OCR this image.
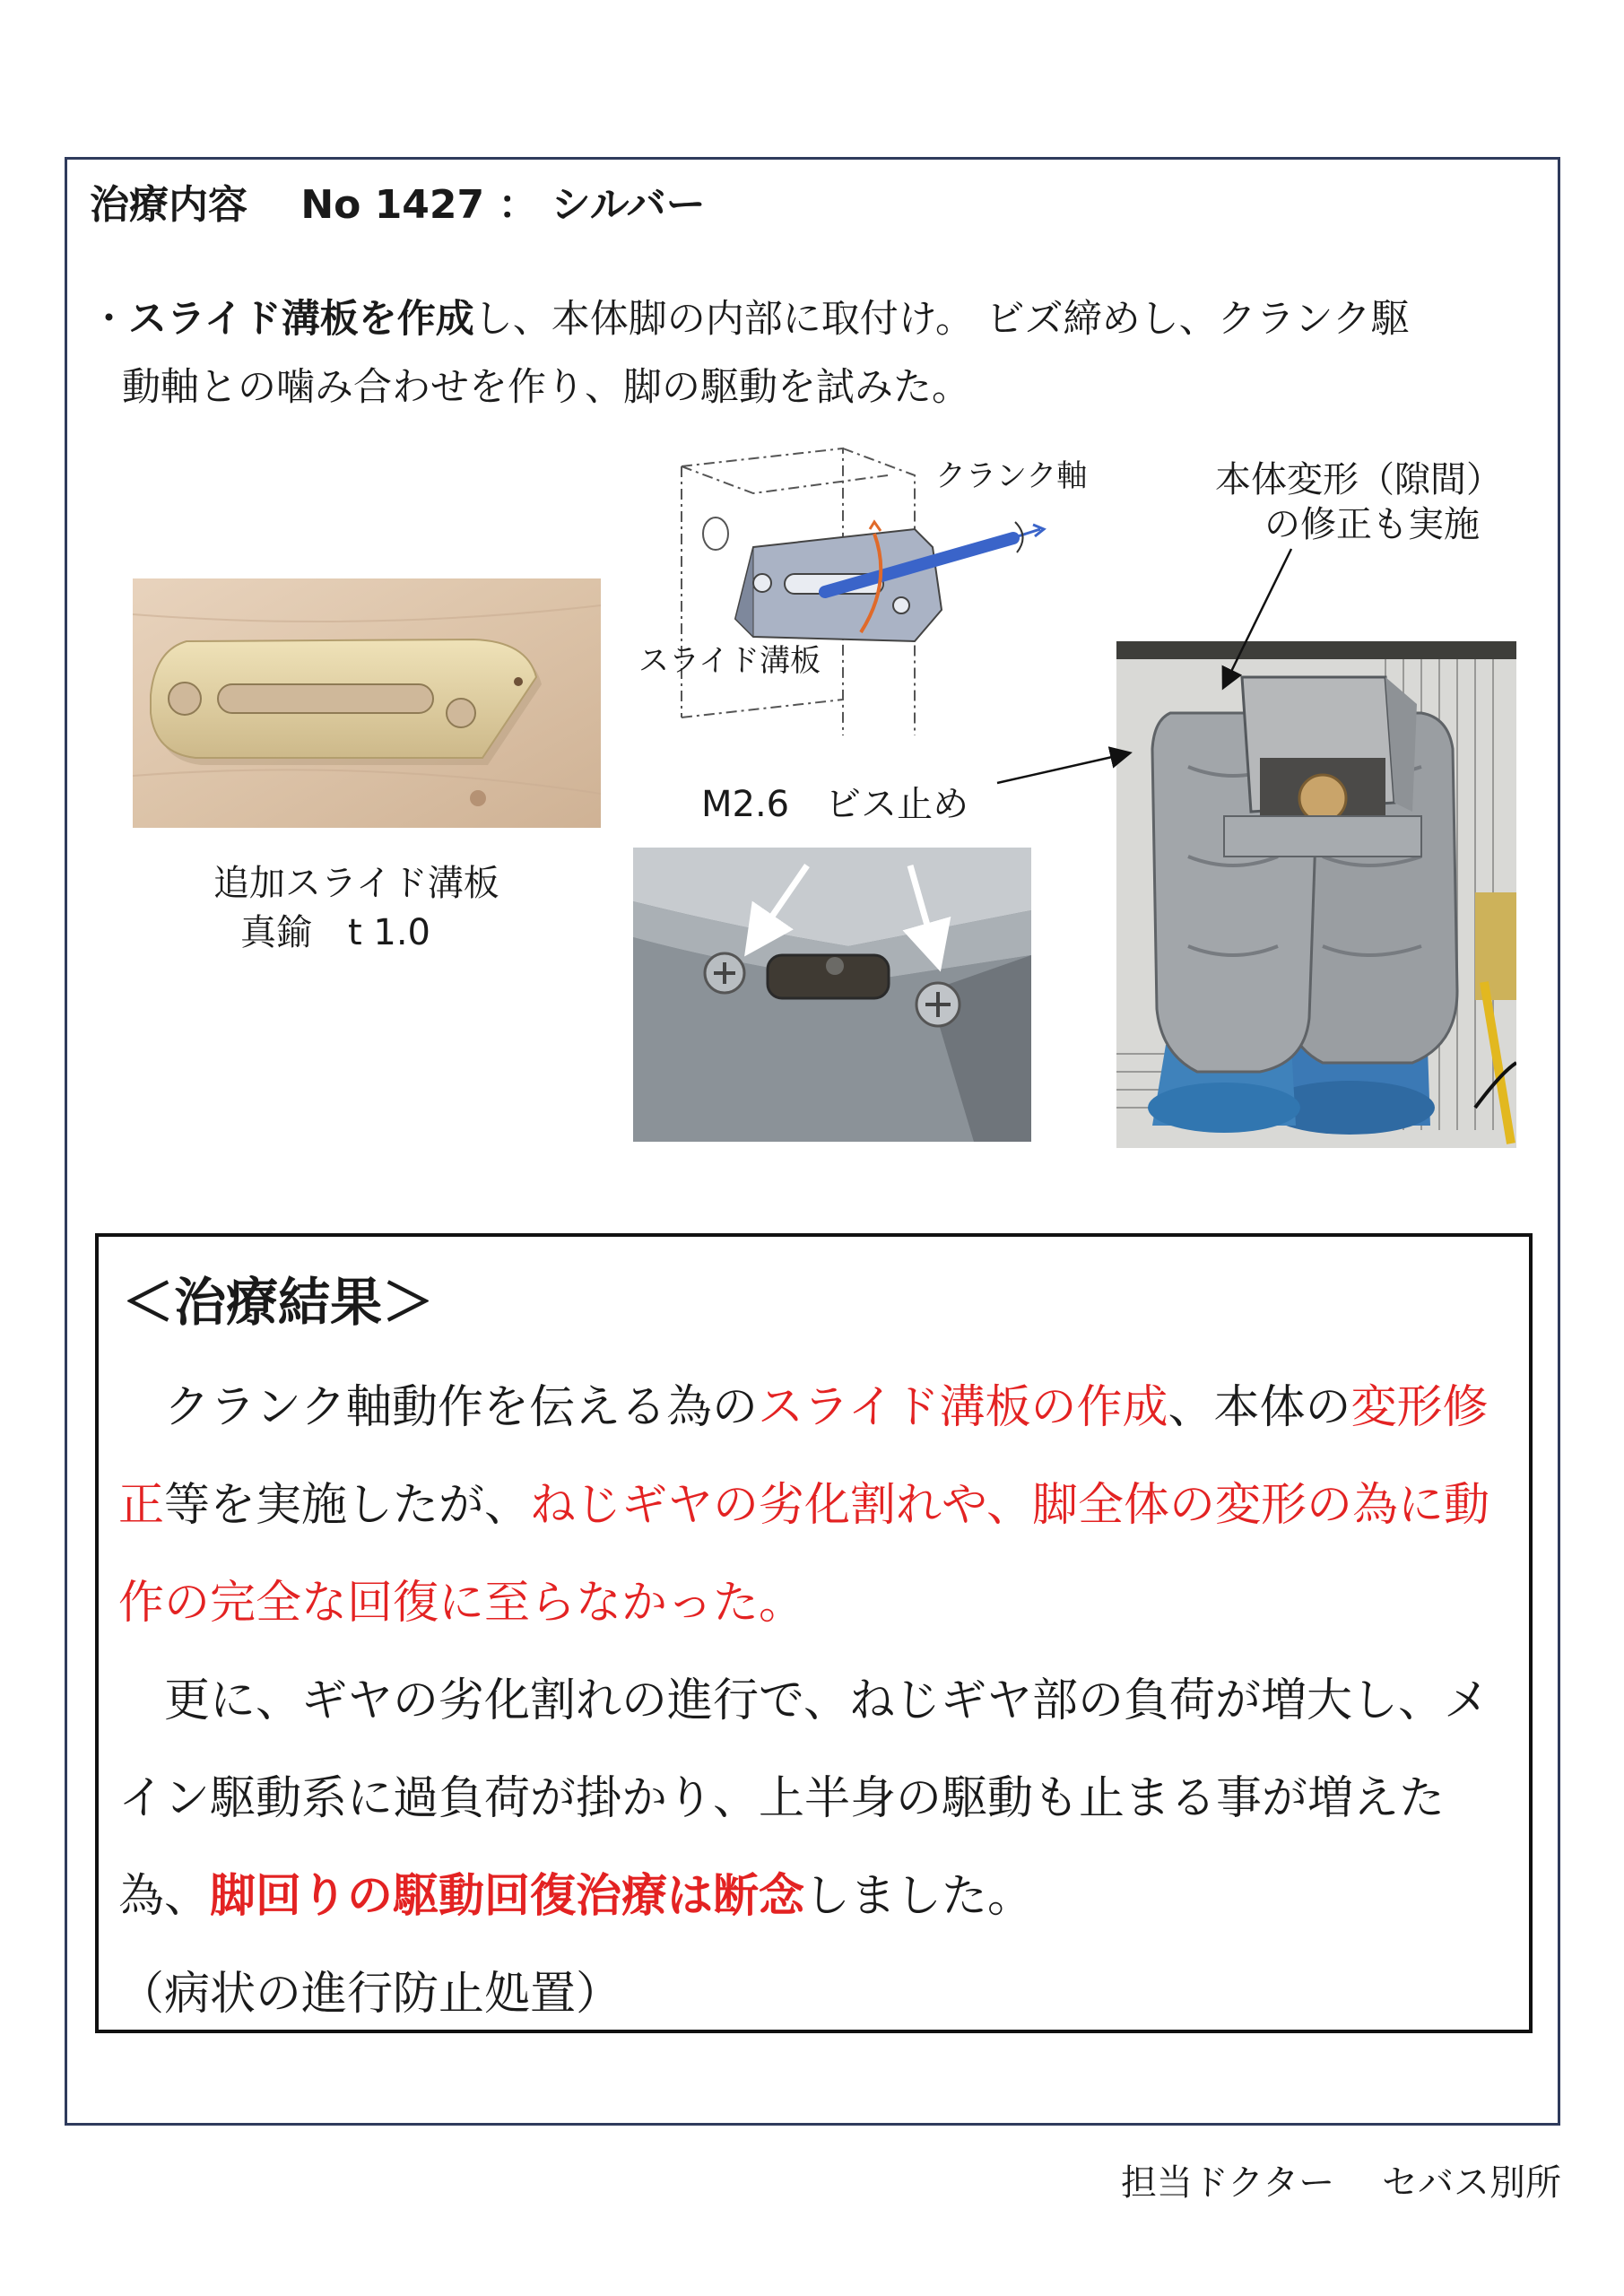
治療内容　 No 1427 ： シルバー
・スライド溝板を作成し、本体脚の内部に取付け。 ビズ締めし、クランク駆
動軸との噛み合わせを作り、脚の駆動を試みた。
追加スライド溝板
真鍮　t 1.0
クランク軸
スライド溝板
M2.6　ビス止め
本体変形（隙間）
の修正も実施
＜治療結果＞

　クランク軸動作を伝える為のスライド溝板の作成、本体の変形修正等を実施したが、ねじギヤの劣化割れや、脚全体の変形の為に動作の完全な回復に至らなかった。

　更に、ギヤの劣化割れの進行で、ねじギヤ部の負荷が増大し、メイン駆動系に過負荷が掛かり、上半身の駆動も止まる事が増えた為、脚回りの駆動回復治療は断念しました。

（病状の進行防止処置）

担当ドクター　 セバス別所
